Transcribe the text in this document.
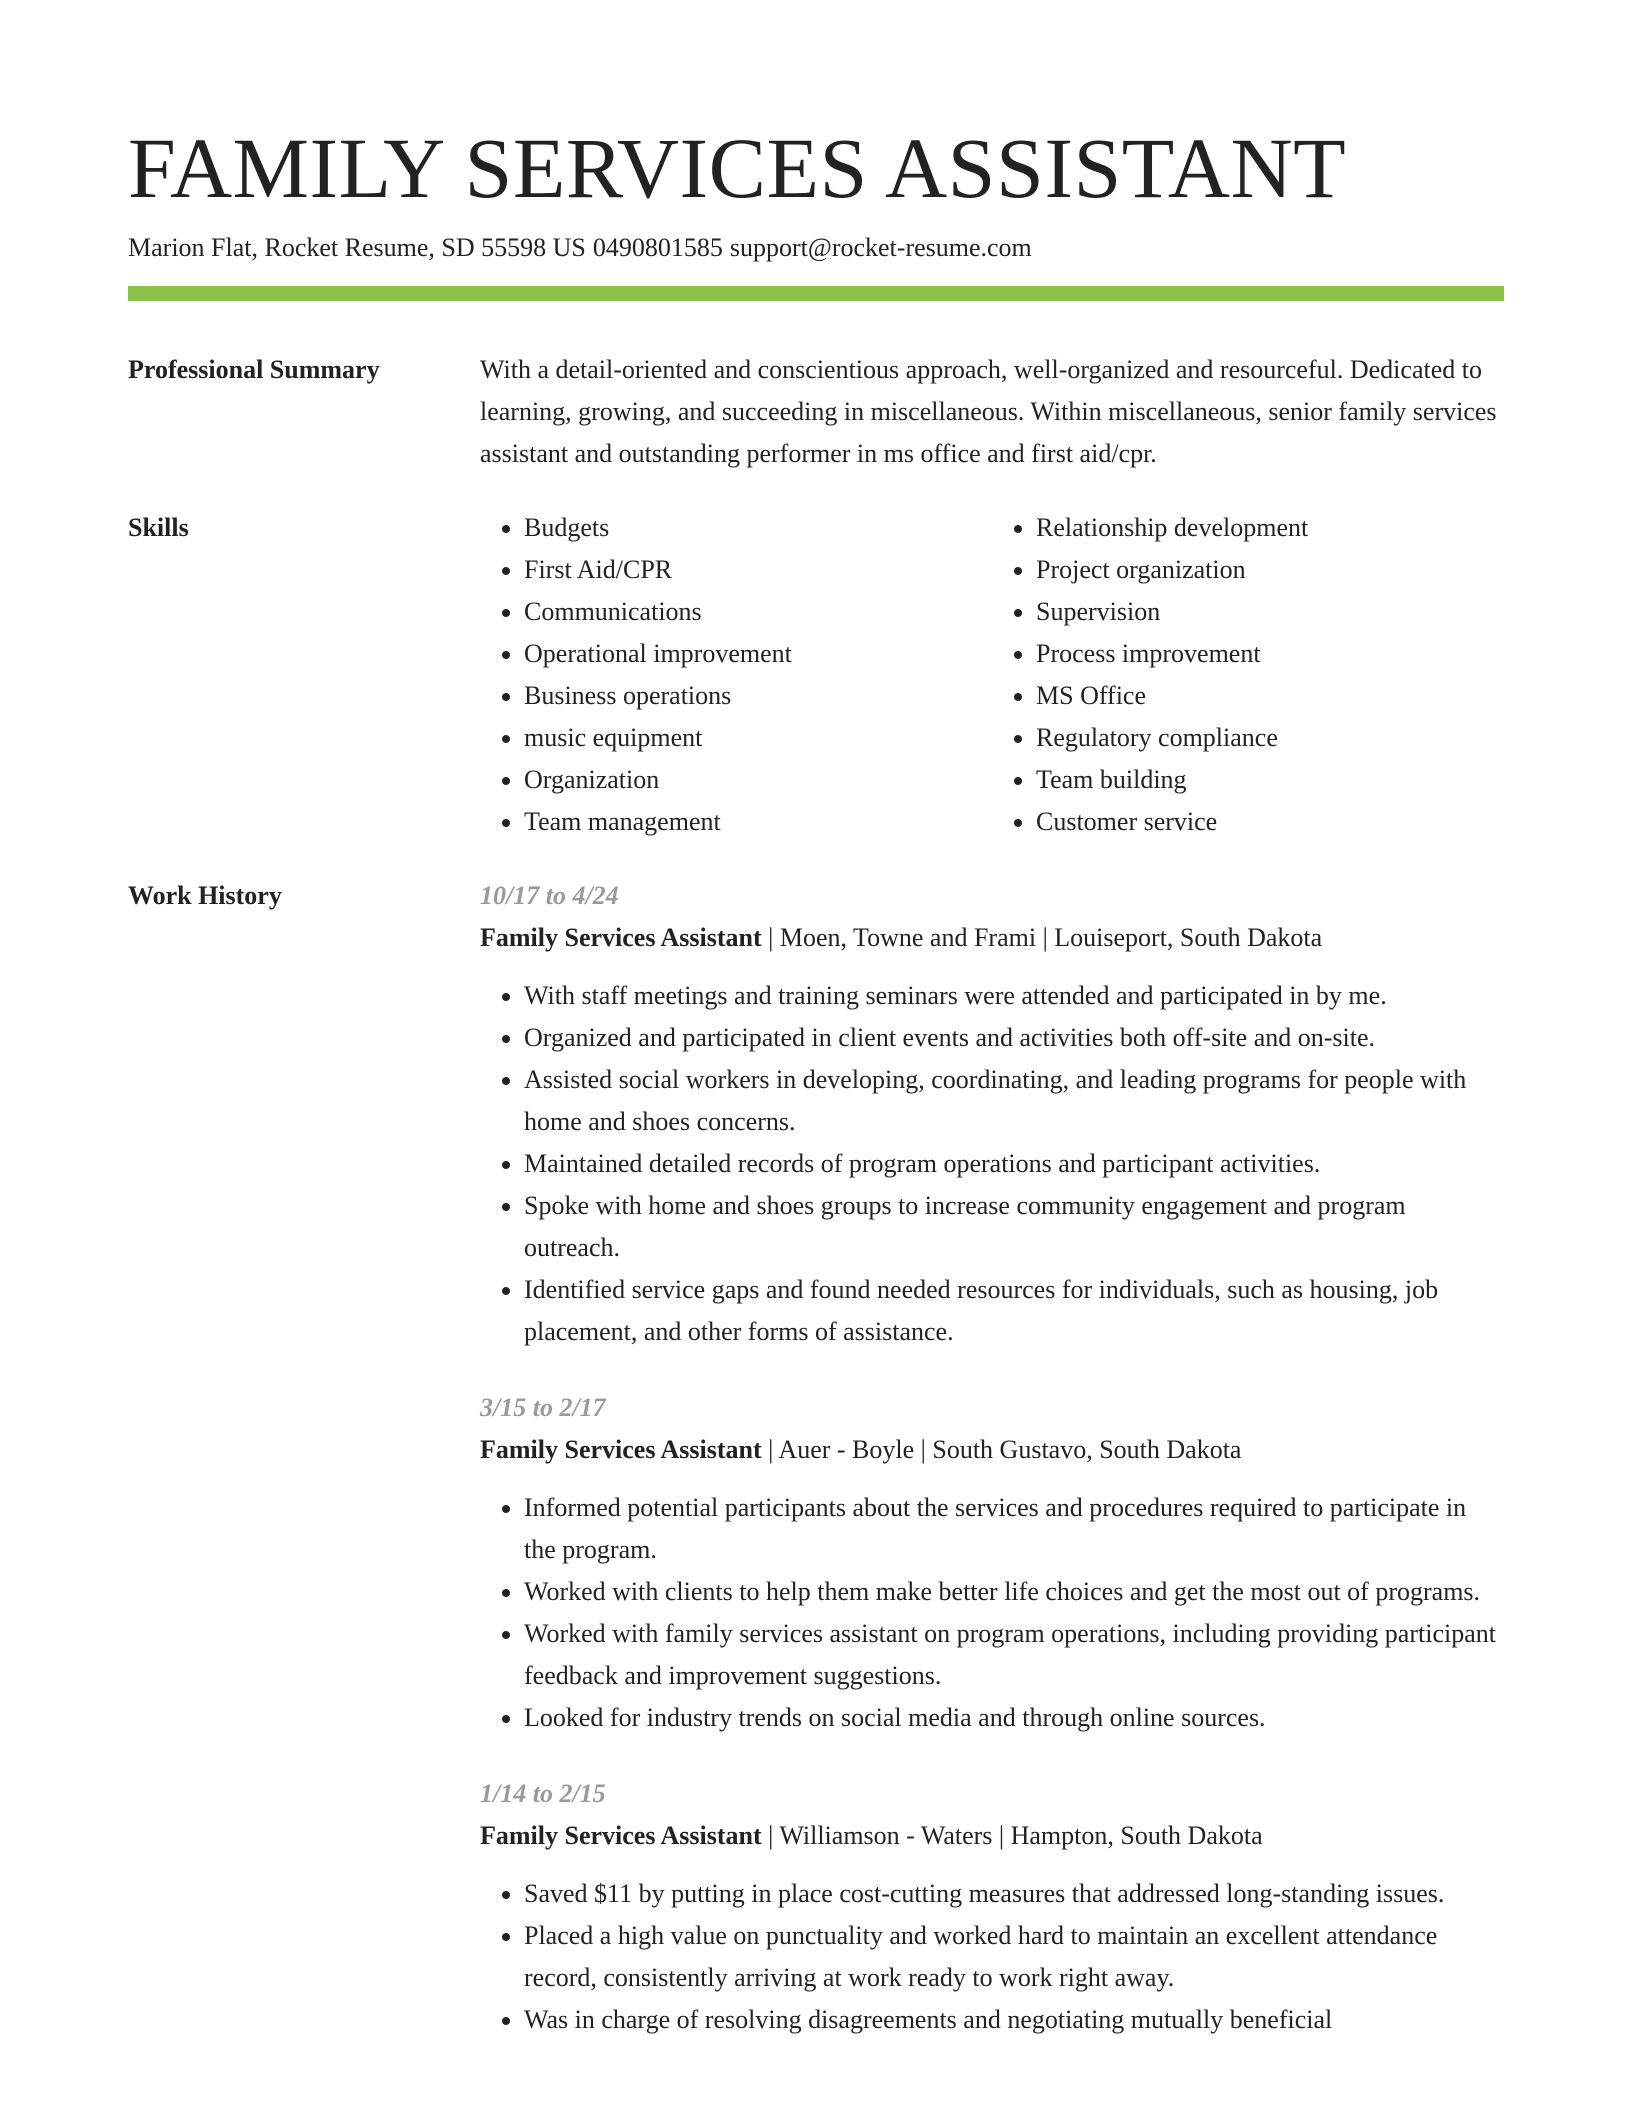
FAMILY SERVICES ASSISTANT
Marion Flat, Rocket Resume, SD 55598 US 0490801585 support@rocket-resume.com
Professional Summary	With a detail-oriented and conscientious approach, well-organized and resourceful. Dedicated to learning, growing, and succeeding in miscellaneous. Within miscellaneous, senior family services assistant and outstanding performer in ms office and first aid/cpr.

Skills
•	Budgets
• First Aid/CPR
• Communications
• Operational improvement
• Business operations
• music equipment
• Organization
• Team management
• Relationship development
• Project organization
• Supervision
• Process improvement
• MS Office
• Regulatory compliance
• Team building
• Customer service
Work History	10/17 to 4/24
Family Services Assistant | Moen, Towne and Frami | Louiseport, South Dakota
• With staff meetings and training seminars were attended and participated in by me.
• Organized and participated in client events and activities both off-site and on-site.
• Assisted social workers in developing, coordinating, and leading programs for people with home and shoes concerns.
• Maintained detailed records of program operations and participant activities.
• Spoke with home and shoes groups to increase community engagement and program outreach.
• Identified service gaps and found needed resources for individuals, such as housing, job placement, and other forms of assistance.
3/15 to 2/17
Family Services Assistant | Auer - Boyle | South Gustavo, South Dakota
• Informed potential participants about the services and procedures required to participate in the program.
• Worked with clients to help them make better life choices and get the most out of programs.
• Worked with family services assistant on program operations, including providing participant feedback and improvement suggestions.
• Looked for industry trends on social media and through online sources.
1/14 to 2/15
Family Services Assistant | Williamson - Waters | Hampton, South Dakota
• Saved $11 by putting in place cost-cutting measures that addressed long-standing issues.
• Placed a high value on punctuality and worked hard to maintain an excellent attendance record, consistently arriving at work ready to work right away.
• Was in charge of resolving disagreements and negotiating mutually beneficial
